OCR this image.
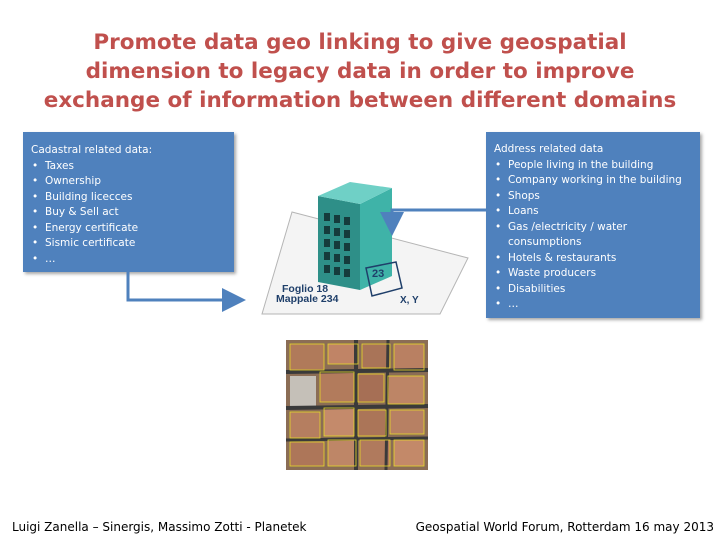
Promote data geo linking to give geospatial
dimension to legacy data in order to improve
exchange of information between different domains
Cadastral related data:
• Taxes
• Ownership
• Building licecces
• Buy & Sell act
• Energy certificate
• Sismic certificate
• …
Address related data
• People living in the building
• Company working in the building
• Shops
• Loans
• Gas /electricity / water consumptions
• Hotels & restaurants
• Waste producers
• Disabilities
• …
23
Foglio 18
Mappale 234	X, Y
Luigi Zanella – Sinergis, Massimo Zotti - Planetek	Geospatial World Forum, Rotterdam 16 may 2013
